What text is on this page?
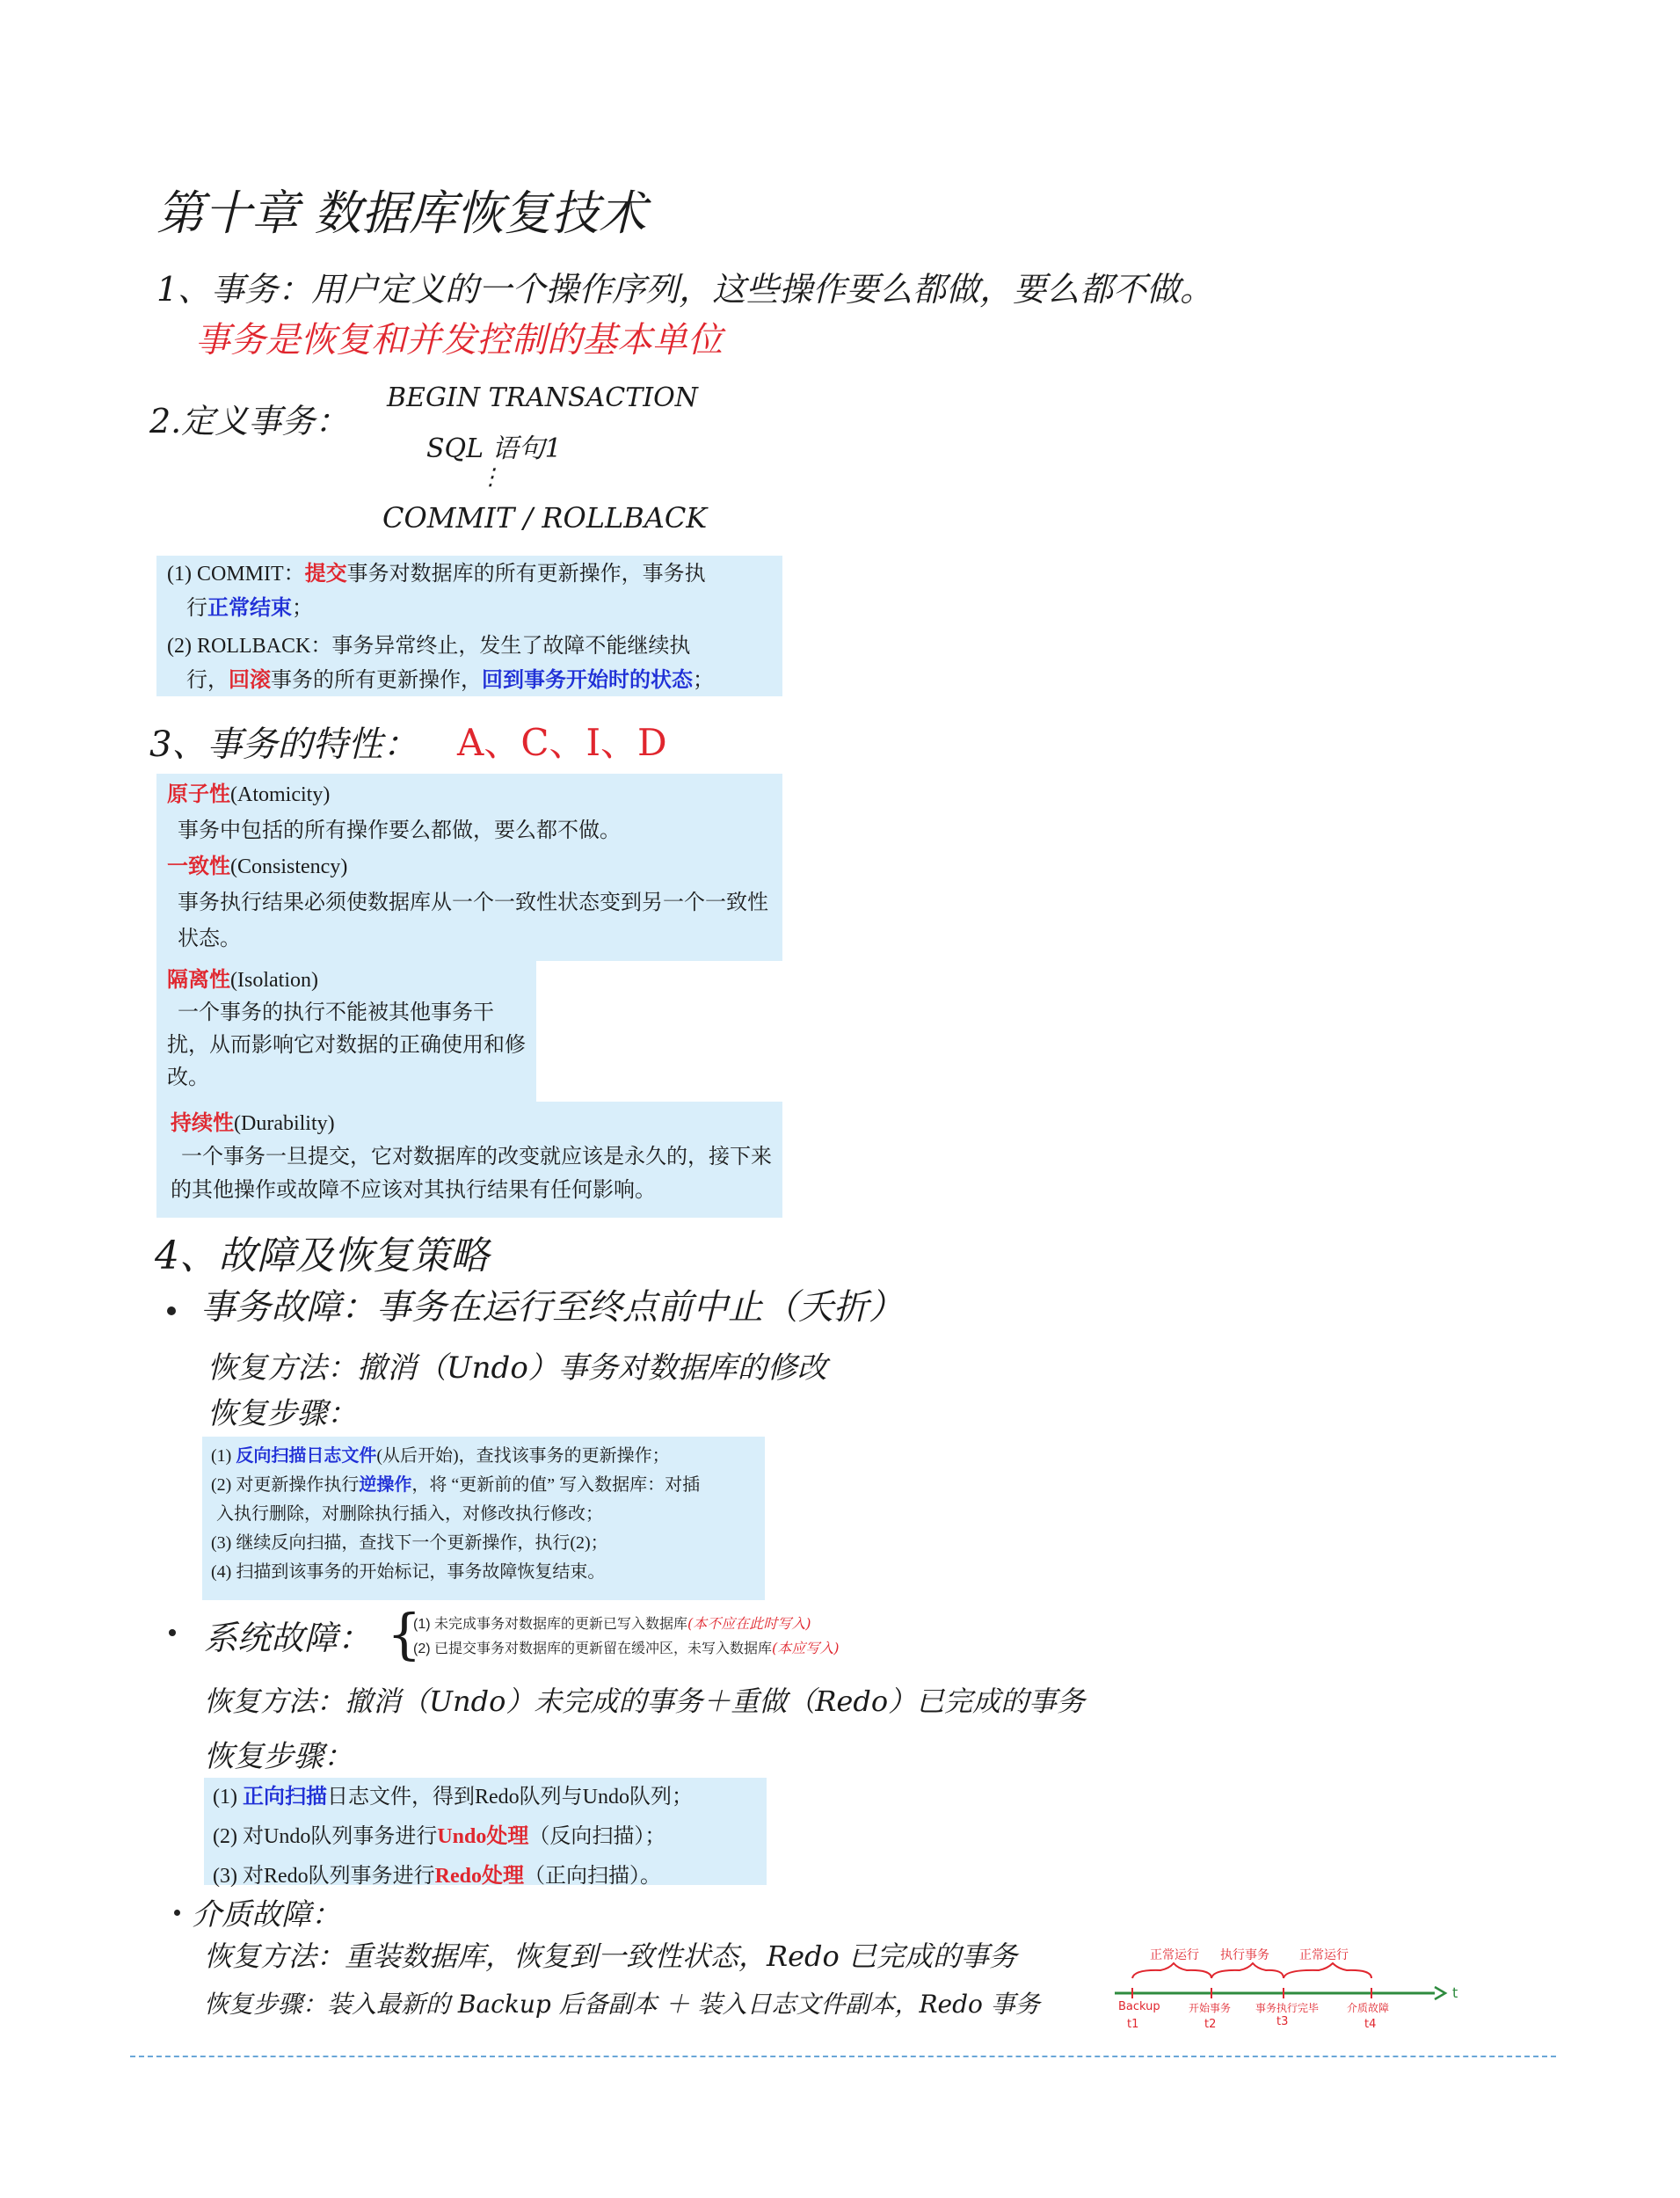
第十章 数据库恢复技术
1、事务：用户定义的一个操作序列，这些操作要么都做，要么都不做。
事务是恢复和并发控制的基本单位
2.定义事务：
BEGIN TRANSACTION
SQL 语句1
⋮
COMMIT / ROLLBACK

(1) COMMIT：提交事务对数据库的所有更新操作，事务执

行正常结束；

(2) ROLLBACK：事务异常终止，发生了故障不能继续执

行，回滚事务的所有更新操作，回到事务开始时的状态；

3、事务的特性： A、C、I、D

原子性(Atomicity)

事务中包括的所有操作要么都做，要么都不做。

一致性(Consistency)

事务执行结果必须使数据库从一个一致性状态变到另一个一致性状态。

隔离性(Isolation)

一个事务的执行不能被其他事务干扰，从而影响它对数据的正确使用和修改。

持续性(Durability)

一个事务一旦提交，它对数据库的改变就应该是永久的，接下来的其他操作或故障不应该对其执行结果有任何影响。

4、故障及恢复策略
事务故障：事务在运行至终点前中止（夭折）
恢复方法：撤消（Undo）事务对数据库的修改
恢复步骤：

(1) 反向扫描日志文件(从后开始)，查找该事务的更新操作；

(2) 对更新操作执行逆操作，将 “更新前的值” 写入数据库：对插

入执行删除，对删除执行插入，对修改执行修改；

(3) 继续反向扫描，查找下一个更新操作，执行(2)；

(4) 扫描到该事务的开始标记，事务故障恢复结束。

系统故障： {
(1) 未完成事务对数据库的更新已写入数据库(本不应在此时写入)
(2) 已提交事务对数据库的更新留在缓冲区，未写入数据库(本应写入)
恢复方法：撤消（Undo）未完成的事务＋重做（Redo）已完成的事务
恢复步骤：

(1) 正向扫描日志文件，得到Redo队列与Undo队列；

(2) 对Undo队列事务进行Undo处理（反向扫描）；

(3) 对Redo队列事务进行Redo处理（正向扫描）。

介质故障：
恢复方法：重装数据库，恢复到一致性状态，Redo 已完成的事务
恢复步骤：装入最新的 Backup 后备副本 ＋ 装入日志文件副本，Redo 事务
正常运行 执行事务 正常运行
Backup	开始事务 事务执行完毕	介质故障
t1	t2	t3	t4
t
